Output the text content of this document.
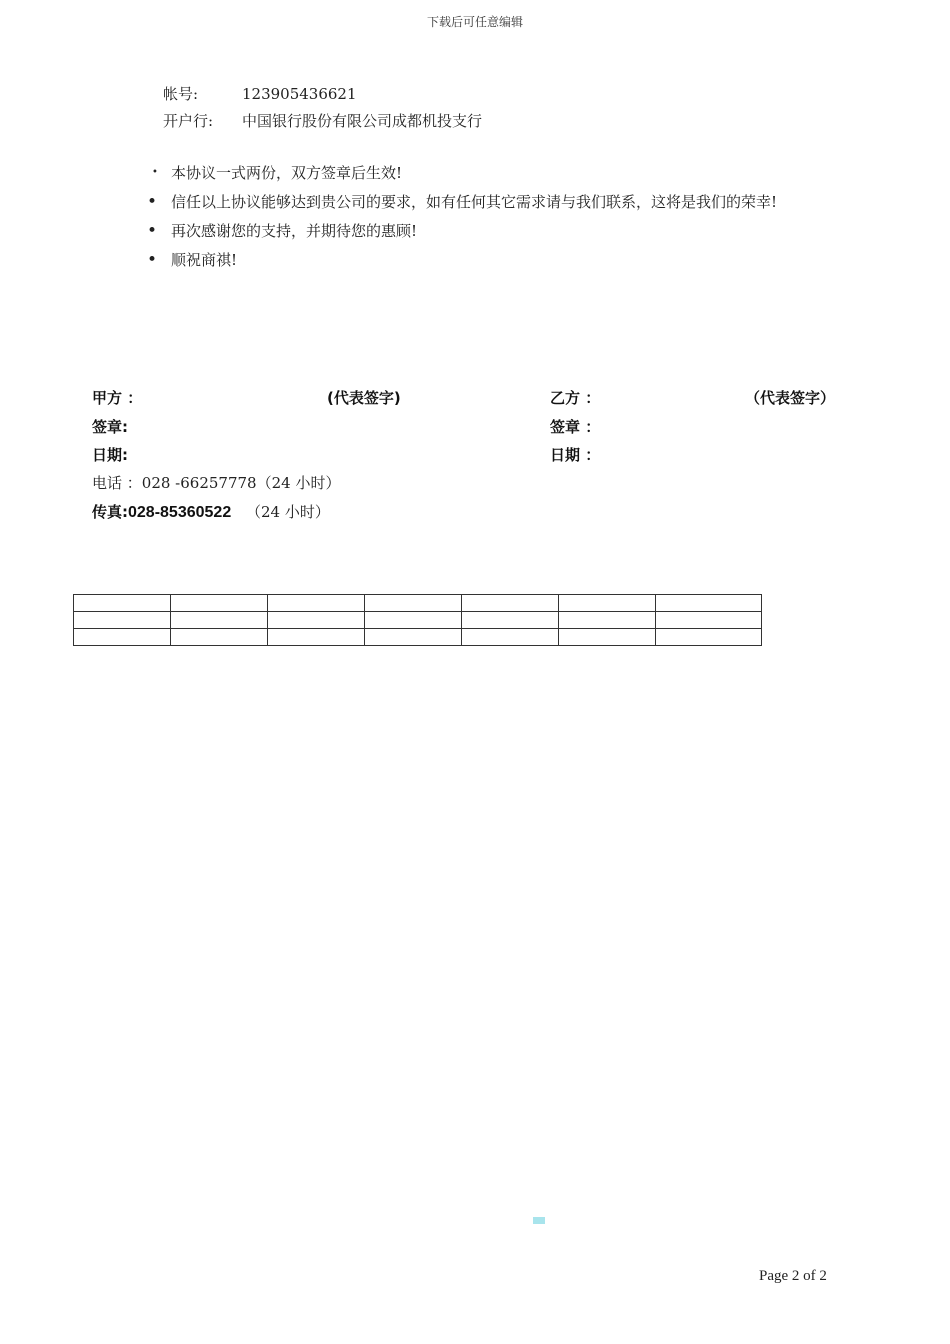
下载后可任意编辑
帐号:	123905436621
开户行: 中国银行股份有限公司成都机投支行
• 本协议一式两份，双方签章后生效!
• 信任以上协议能够达到贵公司的要求，如有任何其它需求请与我们联系，这将是我们的荣幸!
• 再次感谢您的支持，并期待您的惠顾!
• 顺祝商祺!
甲方 ：	(代表签字)	乙方 ：	（代表签字）
签章:	签章 ：
日期:	日期 ：
电话 ：028 -66257778（24 小时）
传真:028-85360522 （24 小时）

Page 2 of 2
